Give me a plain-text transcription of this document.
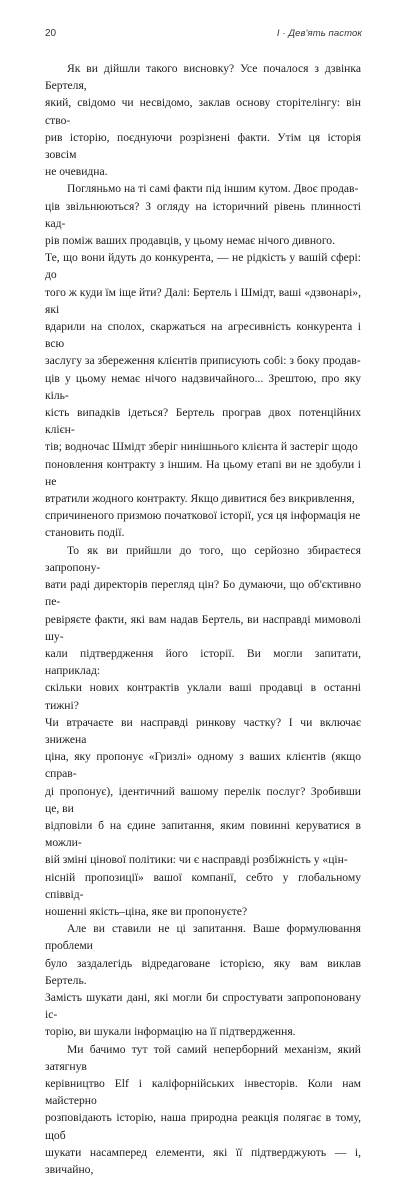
20	I · Дев'ять пасток

Як ви дійшли такого висновку? Усе почалося з дзвінка Бертеля,
який, свідомо чи несвідомо, заклав основу сторітелінгу: він ство-
рив історію, поєднуючи розрізнені факти. Утім ця історія зовсім
не очевидна.

Погляньмо на ті самі факти під іншим кутом. Двоє продав-
ців звільнюються? З огляду на історичний рівень плинності кад-
рів поміж ваших продавців, у цьому немає нічого дивного.
Те, що вони йдуть до конкурента, — не рідкість у вашій сфері: до
того ж куди їм іще йти? Далі: Бертель і Шмідт, ваші «дзвонарі», які
вдарили на сполох, скаржаться на агресивність конкурента і всю
заслугу за збереження клієнтів приписують собі: з боку продав-
ців у цьому немає нічого надзвичайного... Зрештою, про яку кіль-
кість випадків ідеться? Бертель програв двох потенційних клієн-
тів; водночас Шмідт зберіг нинішнього клієнта й застеріг щодо
поновлення контракту з іншим. На цьому етапі ви не здобули і не
втратили жодного контракту. Якщо дивитися без викривлення,
спричиненого призмою початкової історії, уся ця інформація не
становить події.

То як ви прийшли до того, що серйозно збираєтеся запропону-
вати раді директорів перегляд цін? Бо думаючи, що об'єктивно пе-
ревіряєте факти, які вам надав Бертель, ви насправді мимоволі шу-
кали підтвердження його історії. Ви могли запитати, наприклад:
скільки нових контрактів уклали ваші продавці в останні тижні?
Чи втрачаєте ви насправді ринкову частку? І чи включає знижена
ціна, яку пропонує «Гризлі» одному з ваших клієнтів (якщо справ-
ді пропонує), ідентичний вашому перелік послуг? Зробивши це, ви
відповіли б на єдине запитання, яким повинні керуватися в можли-
вій зміні цінової політики: чи є насправді розбіжність у «цін-
нісній пропозиції» вашої компанії, себто у глобальному співвід-
ношенні якість–ціна, яке ви пропонуєте?

Але ви ставили не ці запитання. Ваше формулювання проблеми
було заздалегідь відредаговане історією, яку вам виклав Бертель.
Замість шукати дані, які могли би спростувати запропоновану іс-
торію, ви шукали інформацію на її підтвердження.

Ми бачимо тут той самий неперборний механізм, який затягнув
керівництво Elf і каліфорнійських інвесторів. Коли нам майстерно
розповідають історію, наша природна реакція полягає в тому, щоб
шукати насамперед елементи, які її підтверджують — і, звичайно,
